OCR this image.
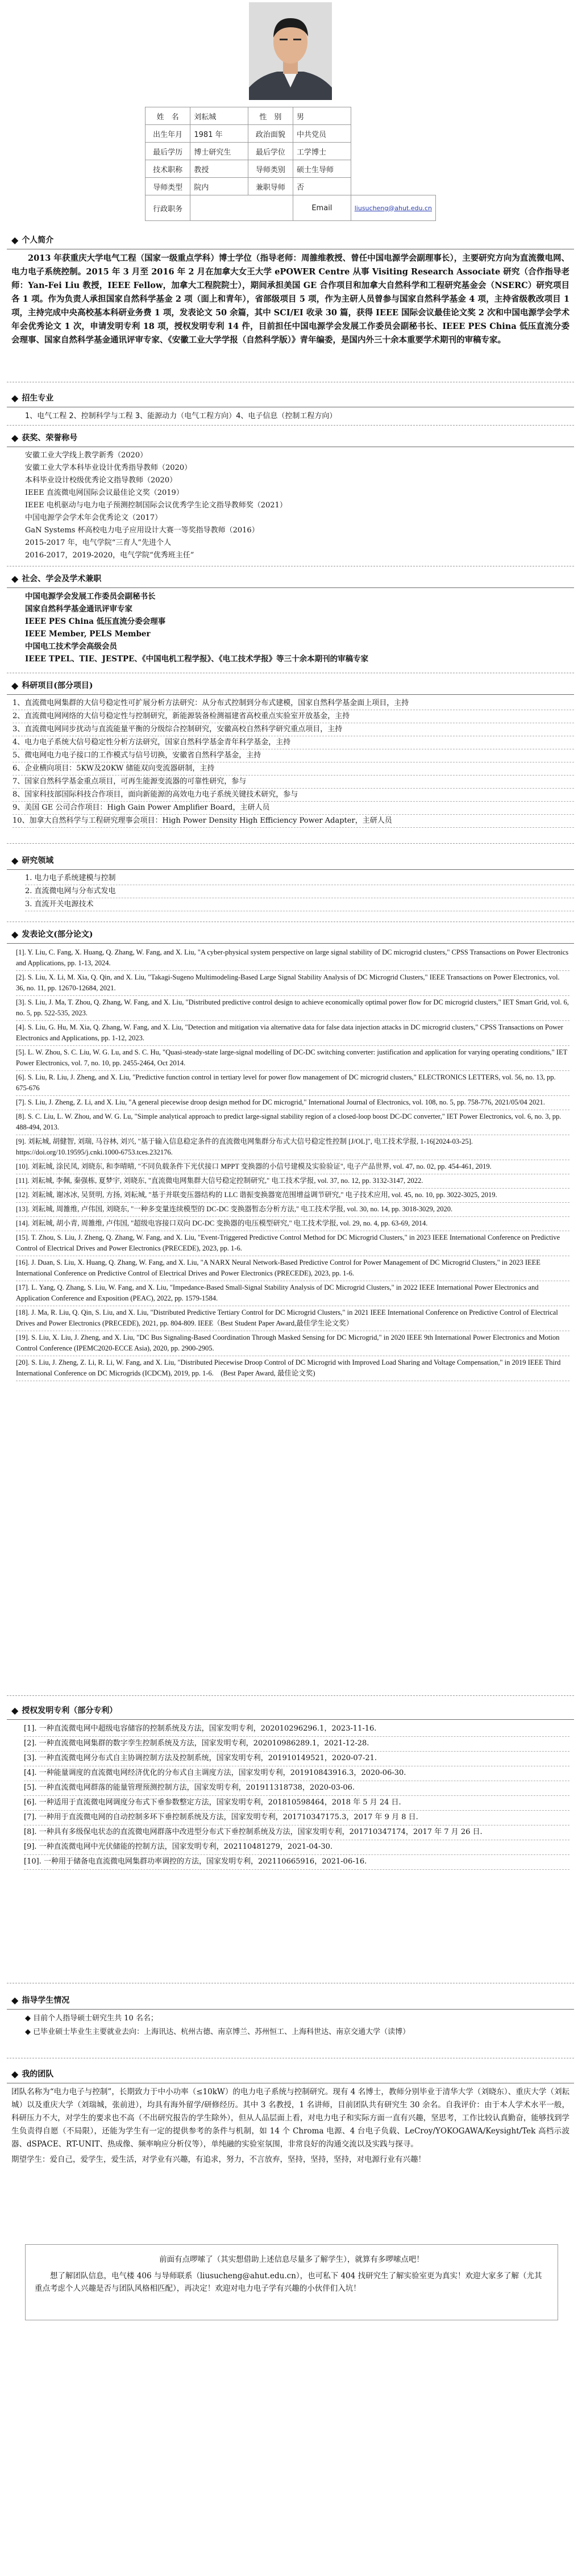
姓　名	刘耘城	性　别	男	
出生年月	1981 年	政治面貌	中共党员	
最后学历	博士研究生	最后学位	工学博士	
技术职称	教授	导师类别	硕士生导师	
导师类型	院内	兼职导师	否	
行政职务			Email	liusucheng@ahut.edu.cn
◆ 个人简介
2013 年获重庆大学电气工程（国家一级重点学科）博士学位（指导老师：周雒维教授、曾任中国电源学会副理事长），主要研究方向为直流微电网、电力电子系统控制。2015 年 3 月至 2016 年 2 月在加拿大女王大学 ePOWER Centre 从事 Visiting Research Associate 研究（合作指导老师：Yan-Fei Liu 教授，IEEE Fellow，加拿大工程院院士），期间承担美国 GE 合作项目和加拿大自然科学和工程研究基金会（NSERC）研究项目各 1 项。作为负责人承担国家自然科学基金 2 项（面上和青年），省部级项目 5 项，作为主研人员曾参与国家自然科学基金 4 项，主持省级教改项目 1 项，主持完成中央高校基本科研业务费 1 项，发表论文 50 余篇，其中 SCI/EI 收录 30 篇，获得 IEEE 国际会议最佳论文奖 2 次和中国电源学会学术年会优秀论文 1 次，申请发明专利 18 项，授权发明专利 14 件，目前担任中国电源学会发展工作委员会副秘书长、IEEE PES China 低压直流分委会理事、国家自然科学基金通讯评审专家、《安徽工业大学学报（自然科学版）》青年编委，是国内外三十余本重要学术期刊的审稿专家。
◆ 招生专业
1、电气工程 2、控制科学与工程 3、能源动力（电气工程方向）4、电子信息（控制工程方向）
◆ 获奖、荣誉称号
安徽工业大学线上教学新秀（2020）
安徽工业大学本科毕业设计优秀指导教师（2020）
本科毕业设计校级优秀论文指导教师（2020）
IEEE 直流微电网国际会议最佳论文奖（2019）
IEEE 电机驱动与电力电子预测控制国际会议优秀学生论文指导教师奖（2021）
中国电源学会学术年会优秀论文（2017）
GaN Systems 杯高校电力电子应用设计大赛一等奖指导教师（2016）
2015-2017 年，电气学院“三育人”先进个人
2016-2017，2019-2020，电气学院“优秀班主任”
◆ 社会、学会及学术兼职
中国电源学会发展工作委员会副秘书长
国家自然科学基金通讯评审专家
IEEE PES China 低压直流分委会理事
IEEE Member, PELS Member
中国电工技术学会高级会员
IEEE TPEL、TIE、JESTPE、《中国电机工程学报》、《电工技术学报》等三十余本期刊的审稿专家
◆ 科研项目(部分项目)
1、直流微电网集群的大信号稳定性可扩展分析方法研究：从分布式控制到分布式建模，国家自然科学基金面上项目，主持
2、直流微电网网络的大信号稳定性与控制研究，新能源装备检测福建省高校重点实验室开放基金，主持
3、直流微电网同步扰动与直流能量平衡的分级综合控制研究，安徽高校自然科学研究重点项目，主持
4、电力电子系统大信号稳定性分析方法研究，国家自然科学基金青年科学基金，主持
5、微电网电力电子接口的工作模式与信号切换，安徽省自然科学基金，主持
6、企业横向项目：5KW及20KW 储能双向变流器研制，主持
7、国家自然科学基金重点项目，可再生能源变流器的可靠性研究，参与
8、国家科技部国际科技合作项目，面向新能源的高效电力电子系统关键技术研究，参与
9、美国 GE 公司合作项目：High Gain Power Amplifier Board，主研人员
10、加拿大自然科学与工程研究理事会项目：High Power Density High Efficiency Power Adapter，主研人员
◆ 研究领域
1. 电力电子系统建模与控制
2. 直流微电网与分布式发电
3. 直流开关电源技术
◆ 发表论文(部分论文)
[1]. Y. Liu, C. Fang, X. Huang, Q. Zhang, W. Fang, and X. Liu, "A cyber-physical system perspective on large signal stability of DC microgrid clusters," CPSS Transactions on Power Electronics and Applications, pp. 1-13, 2024.
[2]. S. Liu, X. Li, M. Xia, Q. Qin, and X. Liu, "Takagi-Sugeno Multimodeling-Based Large Signal Stability Analysis of DC Microgrid Clusters," IEEE Transactions on Power Electronics, vol. 36, no. 11, pp. 12670-12684, 2021.
[3]. S. Liu, J. Ma, T. Zhou, Q. Zhang, W. Fang, and X. Liu, "Distributed predictive control design to achieve economically optimal power flow for DC microgrid clusters," IET Smart Grid, vol. 6, no. 5, pp. 522-535, 2023.
[4]. S. Liu, G. Hu, M. Xia, Q. Zhang, W. Fang, and X. Liu, "Detection and mitigation via alternative data for false data injection attacks in DC microgrid clusters," CPSS Transactions on Power Electronics and Applications, pp. 1-12, 2023.
[5]. L. W. Zhou, S. C. Liu, W. G. Lu, and S. C. Hu, "Quasi-steady-state large-signal modelling of DC-DC switching converter: justification and application for varying operating conditions," IET Power Electronics, vol. 7, no. 10, pp. 2455-2464, Oct 2014.
[6]. S. Liu, R. Liu, J. Zheng, and X. Liu, "Predictive function control in tertiary level for power flow management of DC microgrid clusters," ELECTRONICS LETTERS, vol. 56, no. 13, pp. 675-676
[7]. S. Liu, J. Zheng, Z. Li, and X. Liu, "A general piecewise droop design method for DC microgrid," International Journal of Electronics, vol. 108, no. 5, pp. 758-776, 2021/05/04 2021.
[8]. S. C. Liu, L. W. Zhou, and W. G. Lu, "Simple analytical approach to predict large-signal stability region of a closed-loop boost DC-DC converter," IET Power Electronics, vol. 6, no. 3, pp. 488-494, 2013.
[9]. 刘耘城, 胡健智, 刘瑞, 马谷林, 刘兴, "基于输入信息稳定条件的直流微电网集群分布式大信号稳定性控制 [J/OL]", 电工技术学报, 1-16[2024-03-25]. https://doi.org/10.19595/j.cnki.1000-6753.tces.232176.
[10]. 刘耘城, 涂民凤, 刘晓东, 和李晴晴, "不同负载条件下光伏接口 MPPT 变换器的小信号建模及实验验证", 电子产品世界, vol. 47, no. 02, pp. 454-461, 2019.
[11]. 刘耘城, 李佩, 秦强栋, 夏梦宇, 刘晓东, "直流微电网集群大信号稳定控制研究," 电工技术学报, vol. 37, no. 12, pp. 3132-3147, 2022.
[12]. 刘耘城, 谢冰冰, 吴贤明, 方扬, 刘耘城, "基于并联变压器结构的 LLC 谐振变换器宽范围增益调节研究," 电子技术应用, vol. 45, no. 10, pp. 3022-3025, 2019.
[13]. 刘耘城, 周雒维, 卢伟国, 刘晓东, "一种多变量连续模型的 DC-DC 变换器暂态分析方法," 电工技术学报, vol. 30, no. 14, pp. 3018-3029, 2020.
[14]. 刘耘城, 胡小青, 周雒维, 卢伟国, "超级电容接口双向 DC-DC 变换器的电压模型研究," 电工技术学报, vol. 29, no. 4, pp. 63-69, 2014.
[15]. T. Zhou, S. Liu, J. Zheng, Q. Zhang, W. Fang, and X. Liu, "Event-Triggered Predictive Control Method for DC Microgrid Clusters," in 2023 IEEE International Conference on Predictive Control of Electrical Drives and Power Electronics (PRECEDE), 2023, pp. 1-6.
[16]. J. Duan, S. Liu, X. Huang, Q. Zhang, W. Fang, and X. Liu, "A NARX Neural Network-Based Predictive Control for Power Management of DC Microgrid Clusters," in 2023 IEEE International Conference on Predictive Control of Electrical Drives and Power Electronics (PRECEDE), 2023, pp. 1-6.
[17]. L. Yang, Q. Zhang, S. Liu, W. Fang, and X. Liu, "Impedance-Based Small-Signal Stability Analysis of DC Microgrid Clusters," in 2022 IEEE International Power Electronics and Application Conference and Exposition (PEAC), 2022, pp. 1579-1584.
[18]. J. Ma, R. Liu, Q. Qin, S. Liu, and X. Liu, "Distributed Predictive Tertiary Control for DC Microgrid Clusters," in 2021 IEEE International Conference on Predictive Control of Electrical Drives and Power Electronics (PRECEDE), 2021, pp. 804-809. IEEE（Best Student Paper Award,最佳学生论文奖）
[19]. S. Liu, X. Liu, J. Zheng, and X. Liu, "DC Bus Signaling-Based Coordination Through Masked Sensing for DC Microgrid," in 2020 IEEE 9th International Power Electronics and Motion Control Conference (IPEMC2020-ECCE Asia), 2020, pp. 2900-2905.
[20]. S. Liu, J. Zheng, Z. Li, R. Li, W. Fang, and X. Liu, "Distributed Piecewise Droop Control of DC Microgrid with Improved Load Sharing and Voltage Compensation," in 2019 IEEE Third International Conference on DC Microgrids (ICDCM), 2019, pp. 1-6.　(Best Paper Award, 最佳论文奖)
◆ 授权发明专利（部分专利）
[1]. 一种直流微电网中超级电容储容的控制系统及方法，国家发明专利，202010296296.1，2023-11-16.
[2]. 一种直流微电网集群的数字孪生控制系统及方法，国家发明专利，202010986289.1，2021-12-28.
[3]. 一种直流微电网分布式自主协调控制方法及控制系统，国家发明专利，201910149521，2020-07-21.
[4]. 一种能量调度的直流微电网经济优化的分布式自主调度方法，国家发明专利，201910843916.3，2020-06-30.
[5]. 一种直流微电网群落的能量管理预测控制方法，国家发明专利，201911318738，2020-03-06.
[6]. 一种适用于直流微电网调度分布式下垂参数整定方法，国家发明专利，201810598464，2018 年 5 月 24 日.
[7]. 一种用于直流微电网的自动控制多环下垂控制系统及方法，国家发明专利，201710347175.3，2017 年 9 月 8 日.
[8]. 一种具有多级保电状态的直流微电网群落中改进型分布式下垂控制系统及方法，国家发明专利，201710347174，2017 年 7 月 26 日.
[9]. 一种直流微电网中光伏储能的控制方法，国家发明专利，202110481279，2021-04-30.
[10]. 一种用于储备电直流微电网集群功率调控的方法，国家发明专利，202110665916，2021-06-16.
◆ 指导学生情况
◆ 目前个人指导硕士研究生共 10 名名；
◆ 已毕业硕士毕业生主要就业去向：上海讯达、杭州古德、南京博兰、苏州恒工、上海科世达、南京交通大学（读博）
◆ 我的团队
团队名称为“电力电子与控制”，长期致力于中小功率（≤10kW）的电力电子系统与控制研究。现有 4 名博士，教师分别毕业于清华大学（刘晓东）、重庆大学（刘耘城）以及重庆大学（刘瑞城，张前进），均具有海外留学/研修经历。其中 3 名教授，1 名讲师，目前团队共有研究生 30 余名。自我评价：由于本人学术水平一般，科研压力不大，对学生的要求也不高（不出研究报告的学生除外），但从人品层面上看，对电力电子和实际方面一直有兴趣，坚思考，工作比较认真勤奋，能够找到学生负责得自愿（不局限），还能为学生有一定的提供参考的条件与机制，如 14 个 Chroma 电源、4 台电子负载、LeCroy/YOKOGAWA/Keysight/Tek 高档示波器、dSPACE、RT-UNIT、热成像、频率响应分析仪等），单纯融的实验室氛围，非常良好的沟通交流以及实践与探寻。
期望学生：爱自己，爱学生，爱生活，对学业有兴趣，有追求，努力，不言放弃，坚持，坚持，坚持，对电源行业有兴趣！
前面有点啰嗦了（其实想借助上述信息尽量多了解学生），就算有多啰嗦点吧！
想了解团队信息，电气楼 406 与导师联系（liusucheng@ahut.edu.cn），也可私下 404 找研究生了解实验室更为真实！欢迎大家多了解（尤其重点考虑个人兴趣是否与团队风格相匹配），再决定！欢迎对电力电子学有兴趣的小伙伴们入坑！
